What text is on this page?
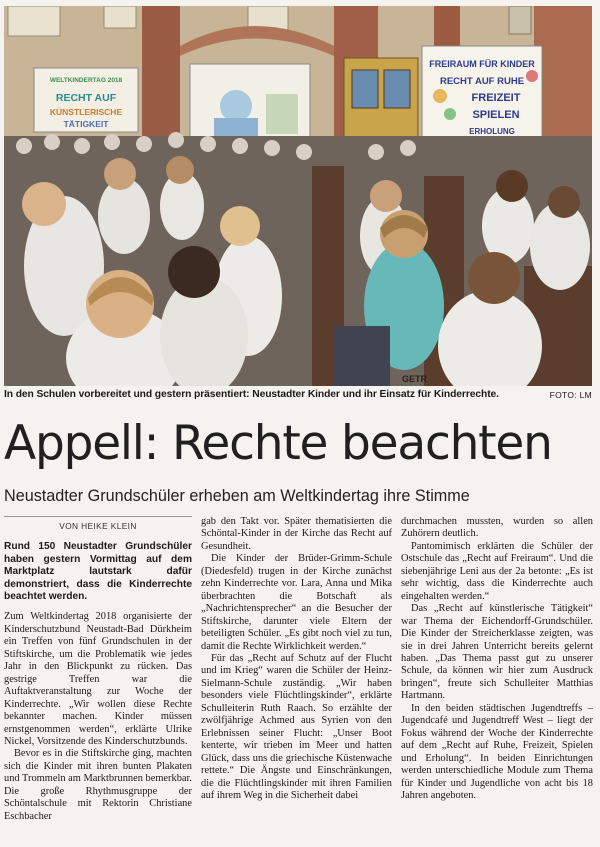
WELTKINDERTAG 2018
RECHT AUF
KÜNSTLERISCHE
TÄTIGKEIT
FREIRAUM FÜR KINDER
RECHT AUF RUHE
FREIZEIT
SPIELEN
ERHOLUNG
GETR
In den Schulen vorbereitet und gestern präsentiert: Neustadter Kinder und ihr Einsatz für Kinderrechte.	FOTO: LM
Appell: Rechte beachten
Neustadter Grundschüler erheben am Weltkindertag ihre Stimme
VON HEIKE KLEIN

Rund 150 Neustadter Grundschüler haben gestern Vormittag auf dem Marktplatz lautstark dafür demonstriert, dass die Kinderrechte beachtet werden.

Zum Weltkindertag 2018 organisierte der Kinderschutzbund Neustadt-Bad Dürkheim ein Treffen von fünf Grundschulen in der Stiftskirche, um die Problematik wie jedes Jahr in den Blickpunkt zu rücken. Das gestrige Treffen war die Auftaktveranstaltung zur Woche der Kinderrechte. „Wir wollen diese Rechte bekannter machen. Kinder müssen ernstgenommen werden“, erklärte Ulrike Nickel, Vorsitzende des Kinderschutzbunds.

Bevor es in die Stiftskirche ging, machten sich die Kinder mit ihren bunten Plakaten und Trommeln am Marktbrunnen bemerkbar. Die große Rhythmusgruppe der Schöntalschule mit Rektorin Christiane Eschbacher

gab den Takt vor. Später thematisierten die Schöntal-Kinder in der Kirche das Recht auf Gesundheit.

Die Kinder der Brüder-Grimm-Schule (Diedesfeld) trugen in der Kirche zunächst zehn Kinderrechte vor. Lara, Anna und Mika überbrachten die Botschaft als „Nachrichtensprecher“ an die Besucher der Stiftskirche, darunter viele Eltern der beteiligten Schüler. „Es gibt noch viel zu tun, damit die Rechte Wirklichkeit werden.“

Für das „Recht auf Schutz auf der Flucht und im Krieg“ waren die Schüler der Heinz-Sielmann-Schule zuständig. „Wir haben besonders viele Flüchtlingskinder“, erklärte Schulleiterin Ruth Raach. So erzählte der zwölfjährige Achmed aus Syrien von den Erlebnissen seiner Flucht: „Unser Boot kenterte, wir trieben im Meer und hatten Glück, dass uns die griechische Küstenwache rettete.“ Die Ängste und Einschränkungen, die die Flüchtlingskinder mit ihren Familien auf ihrem Weg in die Sicherheit dabei

durchmachen mussten, wurden so allen Zuhörern deutlich.

Pantomimisch erklärten die Schüler der Ostschule das „Recht auf Freiraum“. Und die siebenjährige Leni aus der 2a betonte: „Es ist sehr wichtig, dass die Kinderrechte auch eingehalten werden.“

Das „Recht auf künstlerische Tätigkeit“ war Thema der Eichendorff-Grundschüler. Die Kinder der Streicherklasse zeigten, was sie in drei Jahren Unterricht bereits gelernt haben. „Das Thema passt gut zu unserer Schule, da können wir hier zum Ausdruck bringen“, freute sich Schulleiter Matthias Hartmann.

In den beiden städtischen Jugendtreffs – Jugendcafé und Jugendtreff West – liegt der Fokus während der Woche der Kinderrechte auf dem „Recht auf Ruhe, Freizeit, Spielen und Erholung“. In beiden Einrichtungen werden unterschiedliche Module zum Thema für Kinder und Jugendliche von acht bis 18 Jahren angeboten.
